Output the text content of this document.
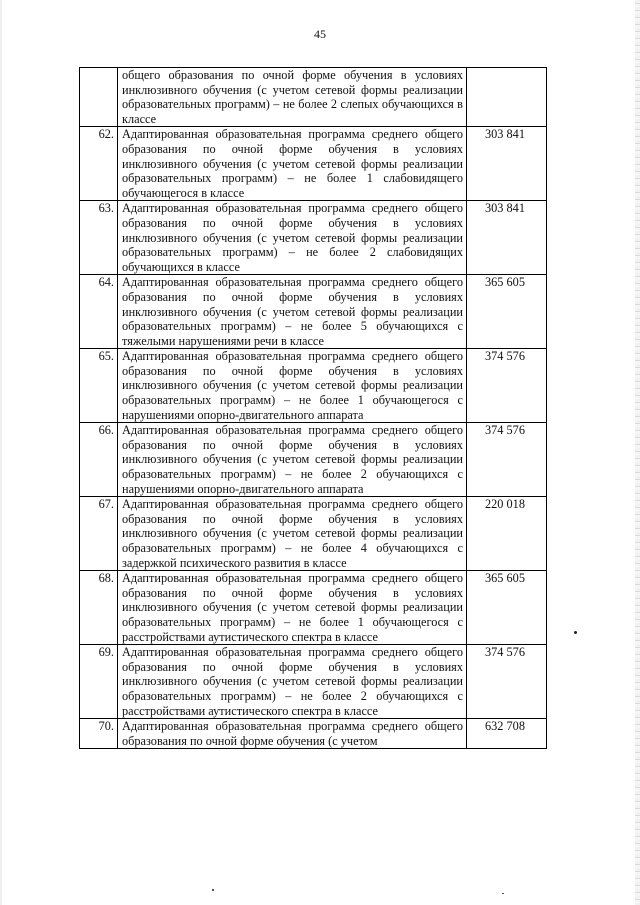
45
	общего образования по очной форме обучения в условиях инклюзивного обучения (с учетом сетевой формы реализации образовательных программ) – не более 2 слепых обучающихся в классе	
62.	Адаптированная образовательная программа среднего общего образования по очной форме обучения в условиях инклюзивного обучения (с учетом сетевой формы реализации образовательных программ) – не более 1 слабовидящего обучающегося в классе	303 841
63.	Адаптированная образовательная программа среднего общего образования по очной форме обучения в условиях инклюзивного обучения (с учетом сетевой формы реализации образовательных программ) – не более 2 слабовидящих обучающихся в классе	303 841
64.	Адаптированная образовательная программа среднего общего образования по очной форме обучения в условиях инклюзивного обучения (с учетом сетевой формы реализации образовательных программ) – не более 5 обучающихся с тяжелыми нарушениями речи в классе	365 605
65.	Адаптированная образовательная программа среднего общего образования по очной форме обучения в условиях инклюзивного обучения (с учетом сетевой формы реализации образовательных программ) – не более 1 обучающегося с нарушениями опорно-двигательного аппарата	374 576
66.	Адаптированная образовательная программа среднего общего образования по очной форме обучения в условиях инклюзивного обучения (с учетом сетевой формы реализации образовательных программ) – не более 2 обучающихся с нарушениями опорно-двигательного аппарата	374 576
67.	Адаптированная образовательная программа среднего общего образования по очной форме обучения в условиях инклюзивного обучения (с учетом сетевой формы реализации образовательных программ) – не более 4 обучающихся с задержкой психического развития в классе	220 018
68.	Адаптированная образовательная программа среднего общего образования по очной форме обучения в условиях инклюзивного обучения (с учетом сетевой формы реализации образовательных программ) – не более 1 обучающегося с расстройствами аутистического спектра в классе	365 605
69.	Адаптированная образовательная программа среднего общего образования по очной форме обучения в условиях инклюзивного обучения (с учетом сетевой формы реализации образовательных программ) – не более 2 обучающихся с расстройствами аутистического спектра в классе	374 576
70.	Адаптированная образовательная программа среднего общего образования по очной форме обучения (с учетом	632 708
